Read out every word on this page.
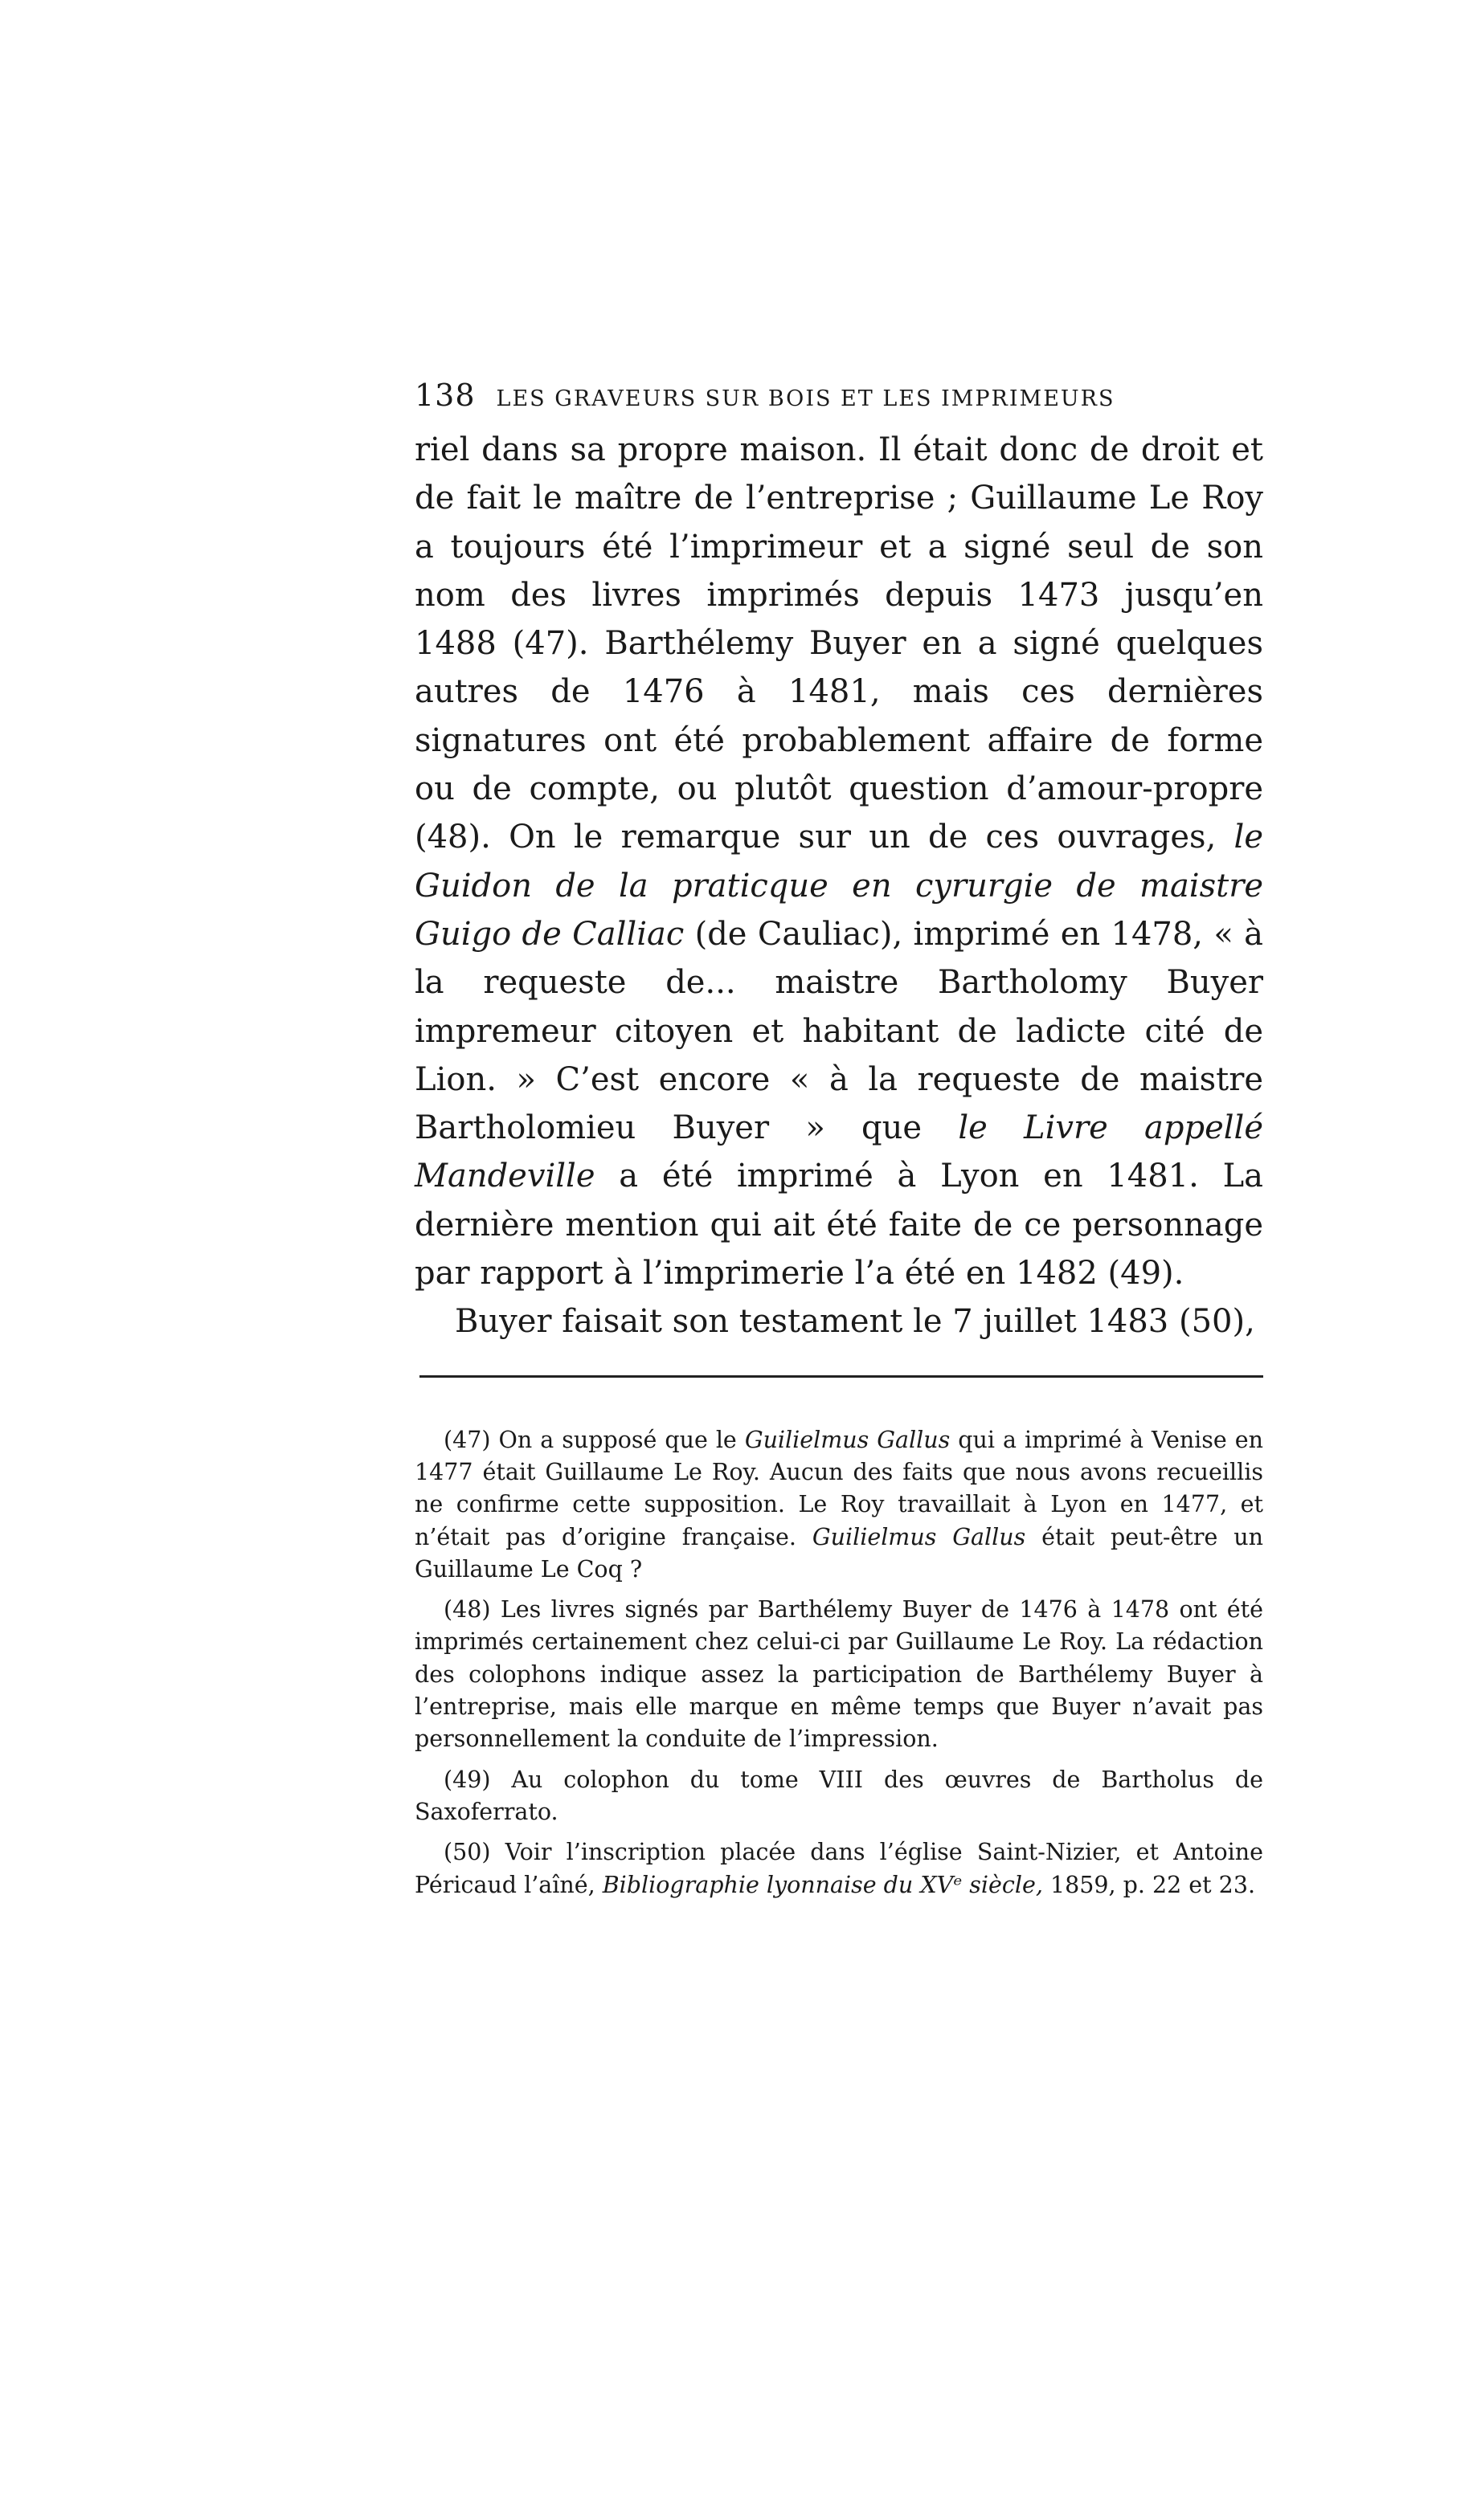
138 LES GRAVEURS SUR BOIS ET LES IMPRIMEURS

riel dans sa propre maison. Il était donc de droit et de fait le maître de l’entreprise ; Guillaume Le Roy a toujours été l’imprimeur et a signé seul de son nom des livres imprimés depuis 1473 jusqu’en 1488 (47). Barthélemy Buyer en a signé quelques autres de 1476 à 1481, mais ces dernières signatures ont été probablement affaire de forme ou de compte, ou plutôt question d’amour-propre (48). On le remarque sur un de ces ouvrages, le Guidon de la praticque en cyrurgie de maistre Guigo de Calliac (de Cauliac), imprimé en 1478, « à la requeste de... maistre Bartholomy Buyer impremeur citoyen et habitant de ladicte cité de Lion. » C’est encore « à la requeste de maistre Bartholomieu Buyer » que le Livre appellé Mandeville a été imprimé à Lyon en 1481. La dernière mention qui ait été faite de ce personnage par rapport à l’imprimerie l’a été en 1482 (49).

Buyer faisait son testament le 7 juillet 1483 (50),

(47) On a supposé que le Guilielmus Gallus qui a imprimé à Venise en 1477 était Guillaume Le Roy. Aucun des faits que nous avons recueillis ne confirme cette supposition. Le Roy travaillait à Lyon en 1477, et n’était pas d’origine française. Guilielmus Gallus était peut-être un Guillaume Le Coq ?

(48) Les livres signés par Barthélemy Buyer de 1476 à 1478 ont été imprimés certainement chez celui-ci par Guillaume Le Roy. La rédaction des colophons indique assez la participation de Barthélemy Buyer à l’entreprise, mais elle marque en même temps que Buyer n’avait pas personnellement la conduite de l’impression.

(49) Au colophon du tome VIII des œuvres de Bartholus de Saxoferrato.

(50) Voir l’inscription placée dans l’église Saint-Nizier, et Antoine Péricaud l’aîné, Bibliographie lyonnaise du XVᵉ siècle, 1859, p. 22 et 23.
